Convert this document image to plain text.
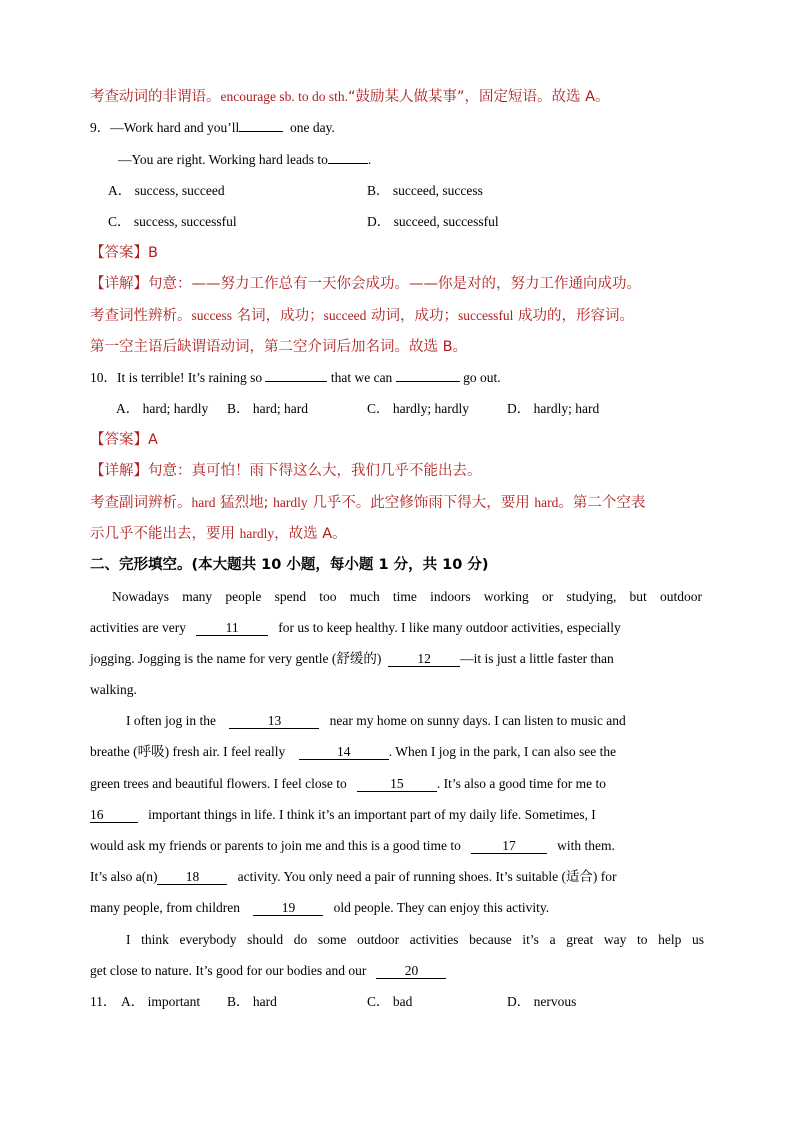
考查动词的非谓语。encourage sb. to do sth.“鼓励某人做某事”，固定短语。故选 A。
9．—Work hard and you’ll	one day.
—You are right. Working hard leads to	.
A． success, succeed	B． succeed, success
C． success, successful	D． succeed, successful
【答案】B
【详解】句意：——努力工作总有一天你会成功。——你是对的，努力工作通向成功。
考查词性辨析。success 名词，成功；succeed 动词，成功；successful 成功的，形容词。
第一空主语后缺谓语动词，第二空介词后加名词。故选 B。
10．It is terrible! It’s raining so	that we can	go out.
A． hard; hardly B． hard; hard	C． hardly; hardly	D． hardly; hard
【答案】A
【详解】句意：真可怕！雨下得这么大，我们几乎不能出去。
考查副词辨析。hard 猛烈地; hardly 几乎不。此空修饰雨下得大，要用 hard。第二个空表
示几乎不能出去，要用 hardly，故选 A。
二、完形填空。(本大题共 10 小题，每小题 1 分，共 10 分)
Nowadays many people spend too much time indoors working or studying, but outdoor
activities are very	11	for us to keep healthy. I like many outdoor activities, especially
jogging. Jogging is the name for very gentle (舒缓的)	12 —it is just a little faster than
walking.
I often jog in the	13	near my home on sunny days. I can listen to music and
breathe (呼吸) fresh air. I feel really	14	. When I jog in the park, I can also see the
green trees and beautiful flowers. I feel close to	15 . It’s also a good time for me to
16	important things in life. I think it’s an important part of my daily life. Sometimes, I
would ask my friends or parents to join me and this is a good time to	17	with them.
It’s also a(n) 18	activity. You only need a pair of running shoes. It’s suitable (适合) for
many people, from children	19	old people. They can enjoy this activity.
I think everybody should do some outdoor activities because it’s a great way to help us
get close to nature. It’s good for our bodies and our	20
11． A． important B． hard	C． bad	D． nervous
